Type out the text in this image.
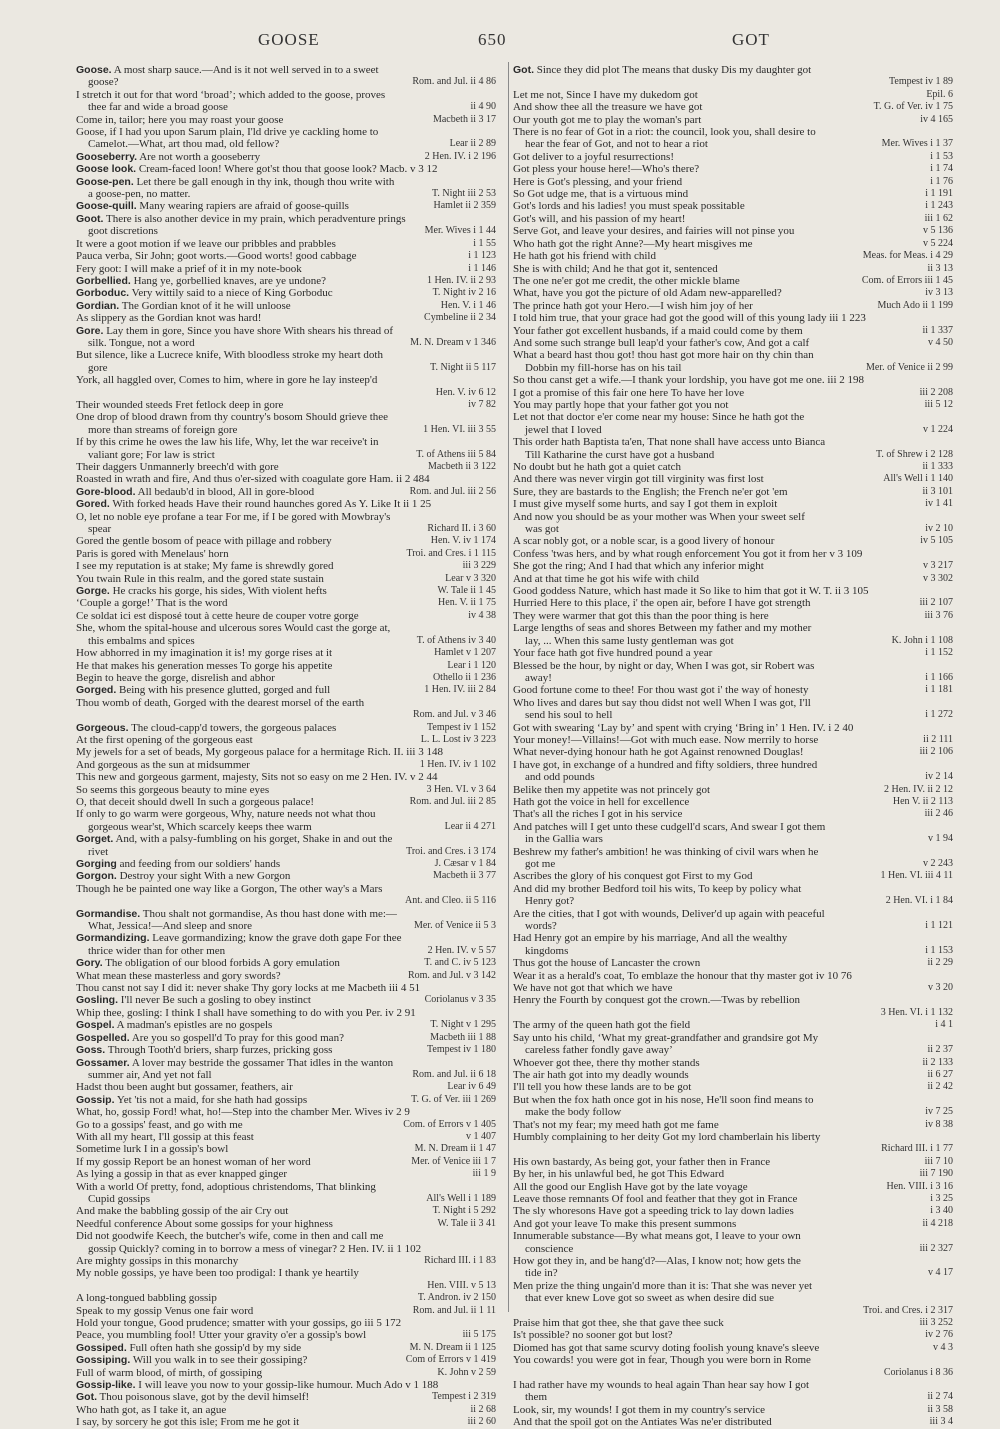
GOOSE	650	GOT
Goose. A most sharp sauce.—And is it not well served in to a sweet
goose?	Rom. and Jul. ii 4 86
I stretch it out for that word ‘broad’; which added to the goose, proves
thee far and wide a broad goose	ii 4 90
Come in, tailor; here you may roast your goose	Macbeth ii 3 17
Goose, if I had you upon Sarum plain, I'ld drive ye cackling home to
Camelot.—What, art thou mad, old fellow?	Lear ii 2 89
Gooseberry. Are not worth a gooseberry	2 Hen. IV. i 2 196
Goose look. Cream-faced loon! Where got'st thou that goose look? Macb. v 3 12
Goose-pen. Let there be gall enough in thy ink, though thou write with
a goose-pen, no matter.	T. Night iii 2 53
Goose-quill. Many wearing rapiers are afraid of goose-quills	Hamlet ii 2 359
Goot. There is also another device in my prain, which peradventure prings
goot discretions	Mer. Wives i 1 44
It were a goot motion if we leave our pribbles and prabbles	i 1 55
Pauca verba, Sir John; goot worts.—Good worts! good cabbage	i 1 123
Fery goot: I will make a prief of it in my note-book	i 1 146
Gorbellied. Hang ye, gorbellied knaves, are ye undone?	1 Hen. IV. ii 2 93
Gorboduc. Very wittily said to a niece of King Gorboduc	T. Night iv 2 16
Gordian. The Gordian knot of it he will unloose	Hen. V. i 1 46
As slippery as the Gordian knot was hard!	Cymbeline ii 2 34
Gore. Lay them in gore, Since you have shore With shears his thread of
silk. Tongue, not a word	M. N. Dream v 1 346
But silence, like a Lucrece knife, With bloodless stroke my heart doth
gore	T. Night ii 5 117
York, all haggled over, Comes to him, where in gore he lay insteep'd
Hen. V. iv 6 12
Their wounded steeds Fret fetlock deep in gore	iv 7 82
One drop of blood drawn from thy country's bosom Should grieve thee
more than streams of foreign gore	1 Hen. VI. iii 3 55
If by this crime he owes the law his life, Why, let the war receive't in
valiant gore; For law is strict	T. of Athens iii 5 84
Their daggers Unmannerly breech'd with gore	Macbeth ii 3 122
Roasted in wrath and fire, And thus o'er-sized with coagulate gore Ham. ii 2 484
Gore-blood. All bedaub'd in blood, All in gore-blood	Rom. and Jul. iii 2 56
Gored. With forked heads Have their round haunches gored As Y. Like It ii 1 25
O, let no noble eye profane a tear For me, if I be gored with Mowbray's
spear	Richard II. i 3 60
Gored the gentle bosom of peace with pillage and robbery	Hen. V. iv 1 174
Paris is gored with Menelaus' horn	Troi. and Cres. i 1 115
I see my reputation is at stake; My fame is shrewdly gored	iii 3 229
You twain Rule in this realm, and the gored state sustain	Lear v 3 320
Gorge. He cracks his gorge, his sides, With violent hefts	W. Tale ii 1 45
‘Couple a gorge!’ That is the word	Hen. V. ii 1 75
Ce soldat ici est disposé tout à cette heure de couper votre gorge	iv 4 38
She, whom the spital-house and ulcerous sores Would cast the gorge at,
this embalms and spices	T. of Athens iv 3 40
How abhorred in my imagination it is! my gorge rises at it	Hamlet v 1 207
He that makes his generation messes To gorge his appetite	Lear i 1 120
Begin to heave the gorge, disrelish and abhor	Othello ii 1 236
Gorged. Being with his presence glutted, gorged and full	1 Hen. IV. iii 2 84
Thou womb of death, Gorged with the dearest morsel of the earth
Rom. and Jul. v 3 46
Gorgeous. The cloud-capp'd towers, the gorgeous palaces	Tempest iv 1 152
At the first opening of the gorgeous east	L. L. Lost iv 3 223
My jewels for a set of beads, My gorgeous palace for a hermitage Rich. II. iii 3 148
And gorgeous as the sun at midsummer	1 Hen. IV. iv 1 102
This new and gorgeous garment, majesty, Sits not so easy on me 2 Hen. IV. v 2 44
So seems this gorgeous beauty to mine eyes	3 Hen. VI. v 3 64
O, that deceit should dwell In such a gorgeous palace!	Rom. and Jul. iii 2 85
If only to go warm were gorgeous, Why, nature needs not what thou
gorgeous wear'st, Which scarcely keeps thee warm	Lear ii 4 271
Gorget. And, with a palsy-fumbling on his gorget, Shake in and out the
rivet	Troi. and Cres. i 3 174
Gorging and feeding from our soldiers' hands	J. Cæsar v 1 84
Gorgon. Destroy your sight With a new Gorgon	Macbeth ii 3 77
Though he be painted one way like a Gorgon, The other way's a Mars
Ant. and Cleo. ii 5 116
Gormandise. Thou shalt not gormandise, As thou hast done with me:—
What, Jessica!—And sleep and snore	Mer. of Venice ii 5 3
Gormandizing. Leave gormandizing; know the grave doth gape For thee
thrice wider than for other men	2 Hen. IV. v 5 57
Gory. The obligation of our blood forbids A gory emulation	T. and C. iv 5 123
What mean these masterless and gory swords?	Rom. and Jul. v 3 142
Thou canst not say I did it: never shake Thy gory locks at me Macbeth iii 4 51
Gosling. I'll never Be such a gosling to obey instinct	Coriolanus v 3 35
Whip thee, gosling: I think I shall have something to do with you Per. iv 2 91
Gospel. A madman's epistles are no gospels	T. Night v 1 295
Gospelled. Are you so gospell'd To pray for this good man?	Macbeth iii 1 88
Goss. Through Tooth'd briers, sharp furzes, pricking goss	Tempest iv 1 180
Gossamer. A lover may bestride the gossamer That idles in the wanton
summer air, And yet not fall	Rom. and Jul. ii 6 18
Hadst thou been aught but gossamer, feathers, air	Lear iv 6 49
Gossip. Yet 'tis not a maid, for she hath had gossips	T. G. of Ver. iii 1 269
What, ho, gossip Ford! what, ho!—Step into the chamber Mer. Wives iv 2 9
Go to a gossips' feast, and go with me	Com. of Errors v 1 405
With all my heart, I'll gossip at this feast	v 1 407
Sometime lurk I in a gossip's bowl	M. N. Dream ii 1 47
If my gossip Report be an honest woman of her word	Mer. of Venice iii 1 7
As lying a gossip in that as ever knapped ginger	iii 1 9
With a world Of pretty, fond, adoptious christendoms, That blinking
Cupid gossips	All's Well i 1 189
And make the babbling gossip of the air Cry out	T. Night i 5 292
Needful conference About some gossips for your highness	W. Tale ii 3 41
Did not goodwife Keech, the butcher's wife, come in then and call me
gossip Quickly? coming in to borrow a mess of vinegar? 2 Hen. IV. ii 1 102
Are mighty gossips in this monarchy	Richard III. i 1 83
My noble gossips, ye have been too prodigal: I thank ye heartily
Hen. VIII. v 5 13
A long-tongued babbling gossip	T. Andron. iv 2 150
Speak to my gossip Venus one fair word	Rom. and Jul. ii 1 11
Hold your tongue, Good prudence; smatter with your gossips, go iii 5 172
Peace, you mumbling fool! Utter your gravity o'er a gossip's bowl	iii 5 175
Gossiped. Full often hath she gossip'd by my side	M. N. Dream ii 1 125
Gossiping. Will you walk in to see their gossiping?	Com of Errors v 1 419
Full of warm blood, of mirth, of gossiping	K. John v 2 59
Gossip-like. I will leave you now to your gossip-like humour. Much Ado v 1 188
Got. Thou poisonous slave, got by the devil himself!	Tempest i 2 319
Who hath got, as I take it, an ague	ii 2 68
I say, by sorcery he got this isle; From me he got it	iii 2 60
Got. Since they did plot The means that dusky Dis my daughter got
Tempest iv 1 89
Let me not, Since I have my dukedom got	Epil. 6
And show thee all the treasure we have got	T. G. of Ver. iv 1 75
Our youth got me to play the woman's part	iv 4 165
There is no fear of Got in a riot: the council, look you, shall desire to
hear the fear of Got, and not to hear a riot	Mer. Wives i 1 37
Got deliver to a joyful resurrections!	i 1 53
Got pless your house here!—Who's there?	i 1 74
Here is Got's plessing, and your friend	i 1 76
So Got udge me, that is a virtuous mind	i 1 191
Got's lords and his ladies! you must speak possitable	i 1 243
Got's will, and his passion of my heart!	iii 1 62
Serve Got, and leave your desires, and fairies will not pinse you	v 5 136
Who hath got the right Anne?—My heart misgives me	v 5 224
He hath got his friend with child	Meas. for Meas. i 4 29
She is with child; And he that got it, sentenced	ii 3 13
The one ne'er got me credit, the other mickle blame	Com. of Errors iii 1 45
What, have you got the picture of old Adam new-apparelled?	iv 3 13
The prince hath got your Hero.—I wish him joy of her	Much Ado ii 1 199
I told him true, that your grace had got the good will of this young lady iii 1 223
Your father got excellent husbands, if a maid could come by them	ii 1 337
And some such strange bull leap'd your father's cow, And got a calf	v 4 50
What a beard hast thou got! thou hast got more hair on thy chin than
Dobbin my fill-horse has on his tail	Mer. of Venice ii 2 99
So thou canst get a wife.—I thank your lordship, you have got me one. iii 2 198
I got a promise of this fair one here To have her love	iii 2 208
You may partly hope that your father got you not	iii 5 12
Let not that doctor e'er come near my house: Since he hath got the
jewel that I loved	v 1 224
This order hath Baptista ta'en, That none shall have access unto Bianca
Till Katharine the curst have got a husband	T. of Shrew i 2 128
No doubt but he hath got a quiet catch	ii 1 333
And there was never virgin got till virginity was first lost	All's Well i 1 140
Sure, they are bastards to the English; the French ne'er got 'em	ii 3 101
I must give myself some hurts, and say I got them in exploit	iv 1 41
And now you should be as your mother was When your sweet self
was got	iv 2 10
A scar nobly got, or a noble scar, is a good livery of honour	iv 5 105
Confess 'twas hers, and by what rough enforcement You got it from her v 3 109
She got the ring; And I had that which any inferior might	v 3 217
And at that time he got his wife with child	v 3 302
Good goddess Nature, which hast made it So like to him that got it W. T. ii 3 105
Hurried Here to this place, i' the open air, before I have got strength	iii 2 107
They were warmer that got this than the poor thing is here	iii 3 76
Large lengths of seas and shores Between my father and my mother
lay, ... When this same lusty gentleman was got	K. John i 1 108
Your face hath got five hundred pound a year	i 1 152
Blessed be the hour, by night or day, When I was got, sir Robert was
away!	i 1 166
Good fortune come to thee! For thou wast got i' the way of honesty	i 1 181
Who lives and dares but say thou didst not well When I was got, I'll
send his soul to hell	i 1 272
Got with swearing ‘Lay by’ and spent with crying ‘Bring in’ 1 Hen. IV. i 2 40
Your money!—Villains!—Got with much ease. Now merrily to horse	ii 2 111
What never-dying honour hath he got Against renowned Douglas!	iii 2 106
I have got, in exchange of a hundred and fifty soldiers, three hundred
and odd pounds	iv 2 14
Belike then my appetite was not princely got	2 Hen. IV. ii 2 12
Hath got the voice in hell for excellence	Hen V. ii 2 113
That's all the riches I got in his service	iii 2 46
And patches will I get unto these cudgell'd scars, And swear I got them
in the Gallia wars	v 1 94
Beshrew my father's ambition! he was thinking of civil wars when he
got me	v 2 243
Ascribes the glory of his conquest got First to my God	1 Hen. VI. iii 4 11
And did my brother Bedford toil his wits, To keep by policy what
Henry got?	2 Hen. VI. i 1 84
Are the cities, that I got with wounds, Deliver'd up again with peaceful
words?	i 1 121
Had Henry got an empire by his marriage, And all the wealthy
kingdoms	i 1 153
Thus got the house of Lancaster the crown	ii 2 29
Wear it as a herald's coat, To emblaze the honour that thy master got iv 10 76
We have not got that which we have	v 3 20
Henry the Fourth by conquest got the crown.—Twas by rebellion
3 Hen. VI. i 1 132
The army of the queen hath got the field	i 4 1
Say unto his child, ‘What my great-grandfather and grandsire got My
careless father fondly gave away’	ii 2 37
Whoever got thee, there thy mother stands	ii 2 133
The air hath got into my deadly wounds	ii 6 27
I'll tell you how these lands are to be got	ii 2 42
But when the fox hath once got in his nose, He'll soon find means to
make the body follow	iv 7 25
That's not my fear; my meed hath got me fame	iv 8 38
Humbly complaining to her deity Got my lord chamberlain his liberty
Richard III. i 1 77
His own bastardy, As being got, your father then in France	iii 7 10
By her, in his unlawful bed, he got This Edward	iii 7 190
All the good our English Have got by the late voyage	Hen. VIII. i 3 16
Leave those remnants Of fool and feather that they got in France	i 3 25
The sly whoresons Have got a speeding trick to lay down ladies	i 3 40
And got your leave To make this present summons	ii 4 218
Innumerable substance—By what means got, I leave to your own
conscience	iii 2 327
How got they in, and be hang'd?—Alas, I know not; how gets the
tide in?	v 4 17
Men prize the thing ungain'd more than it is: That she was never yet
that ever knew Love got so sweet as when desire did sue
Troi. and Cres. i 2 317
Praise him that got thee, she that gave thee suck	iii 3 252
Is't possible? no sooner got but lost?	iv 2 76
Diomed has got that same scurvy doting foolish young knave's sleeve	v 4 3
You cowards! you were got in fear, Though you were born in Rome
Coriolanus i 8 36
I had rather have my wounds to heal again Than hear say how I got
them	ii 2 74
Look, sir, my wounds! I got them in my country's service	ii 3 58
And that the spoil got on the Antiates Was ne'er distributed	iii 3 4
